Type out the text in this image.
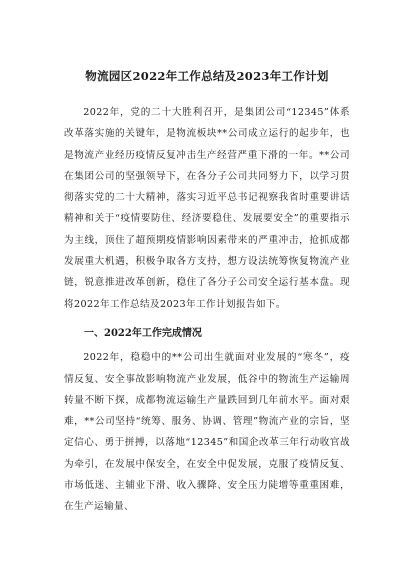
物流园区2022年工作总结及2023年工作计划

2022年，党的二十大胜利召开，是集团公司“12345”体系改革落实施的关键年，是物流板块**公司成立运行的起步年，也是物流产业经历疫情反复冲击生产经营严重下滑的一年。**公司在集团公司的坚强领导下，在各分子公司共同努力下，以学习贯彻落实党的二十大精神，落实习近平总书记视察我省时重要讲话精神和关于“疫情要防住、经济要稳住、发展要安全”的重要指示为主线，顶住了超预期疫情影响因素带来的严重冲击，抢抓成都发展重大机遇，积极争取各方支持，想方设法统筹恢复物流产业链，锐意推进改革创新，稳住了各分子公司安全运行基本盘。现将2022年工作总结及2023年工作计划报告如下。

一、2022年工作完成情况

2022年，稳稳中的**公司出生就面对业发展的“寒冬”，疫情反复、安全事故影响物流产业发展，低谷中的物流生产运输周转量不断下探，成都物流运输生产量跌回到几年前水平。面对艰难，**公司坚持“统筹、服务、协调、管理”物流产业的宗旨，坚定信心、勇于拼搏，以落地“12345”和国企改革三年行动收官战为牵引，在发展中保安全，在安全中促发展，克服了疫情反复、市场低迷、主辅业下滑、收入骤降、安全压力陡增等重重困难，在生产运输量、
